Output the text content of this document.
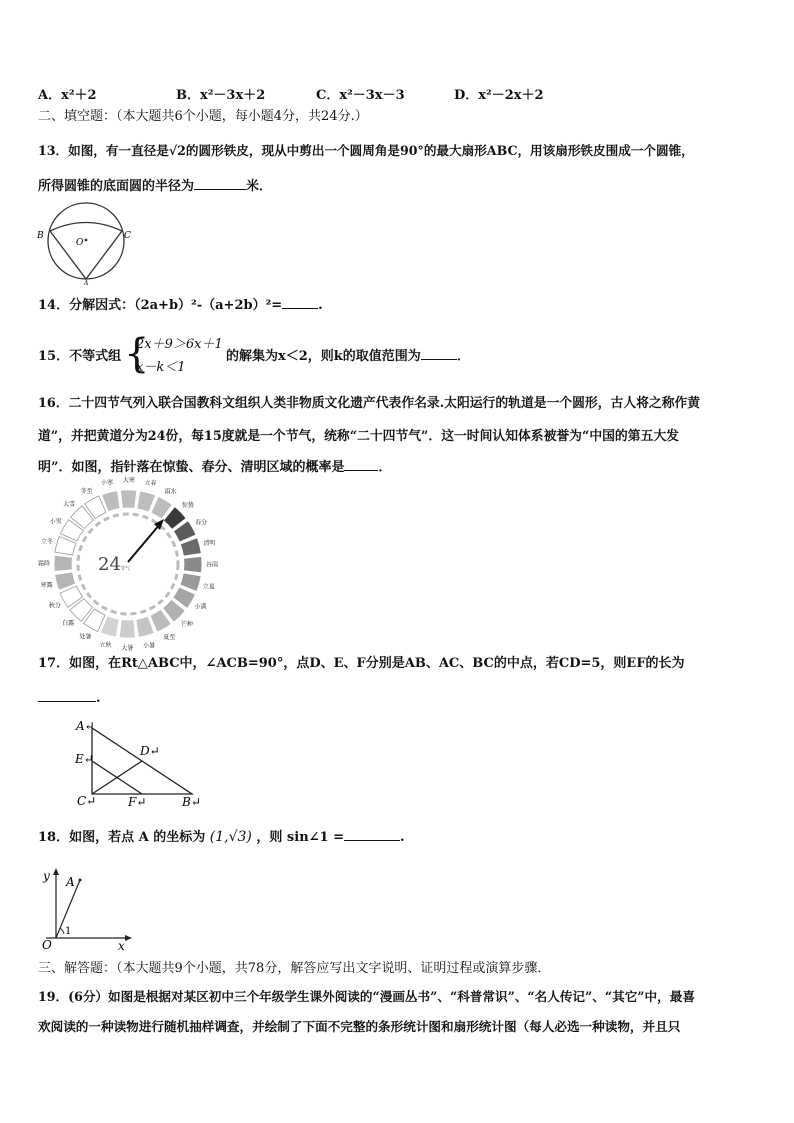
A．x²＋2	B．x²－3x＋2	C．x²－3x－3	D．x²－2x＋2
二、填空题：（本大题共6个小题，每小题4分，共24分.）
13．如图，有一直径是√2的圆形铁皮，现从中剪出一个圆周角是90°的最大扇形ABC，用该扇形铁皮围成一个圆锥，
所得圆锥的底面圆的半径为	米．
B	C
O
A
14．分解因式：（2a+b）²-（a+2b）²=	.
15．不等式组 {
2x＋9＞6x＋1
x－k＜1
的解集为x＜2，则k的取值范围为	．
16．二十四节气列入联合国教科文组织人类非物质文化遗产代表作名录.太阳运行的轨道是一个圆形，古人将之称作黄
道”，并把黄道分为24份，每15度就是一个节气，统称“二十四节气”．这一时间认知体系被誉为“中国的第五大发
明”．如图，指针落在惊蛰、春分、清明区域的概率是	．
24 节气
小寒 大寒 立春
雨水
惊蛰
春分
清明
谷雨
立夏
小满
芒种
夏至
小暑
大暑
立秋
处暑
白露
秋分
寒露
霜降
立冬
小雪
大雪
冬至
17．如图，在Rt△ABC中，∠ACB=90°，点D、E、F分别是AB、AC、BC的中点，若CD=5，则EF的长为
.
A↵
D↵
E↵
C↵	F↵	B↵
18．如图，若点 A 的坐标为 (1,√3) ，则 sin∠1 =	.
y A
O
1
x
三、解答题：（本大题共9个小题，共78分，解答应写出文字说明、证明过程或演算步骤．
19．(6分）如图是根据对某区初中三个年级学生课外阅读的“漫画丛书”、“科普常识”、“名人传记”、“其它”中，最喜
欢阅读的一种读物进行随机抽样调查，并绘制了下面不完整的条形统计图和扇形统计图（每人必选一种读物，并且只
